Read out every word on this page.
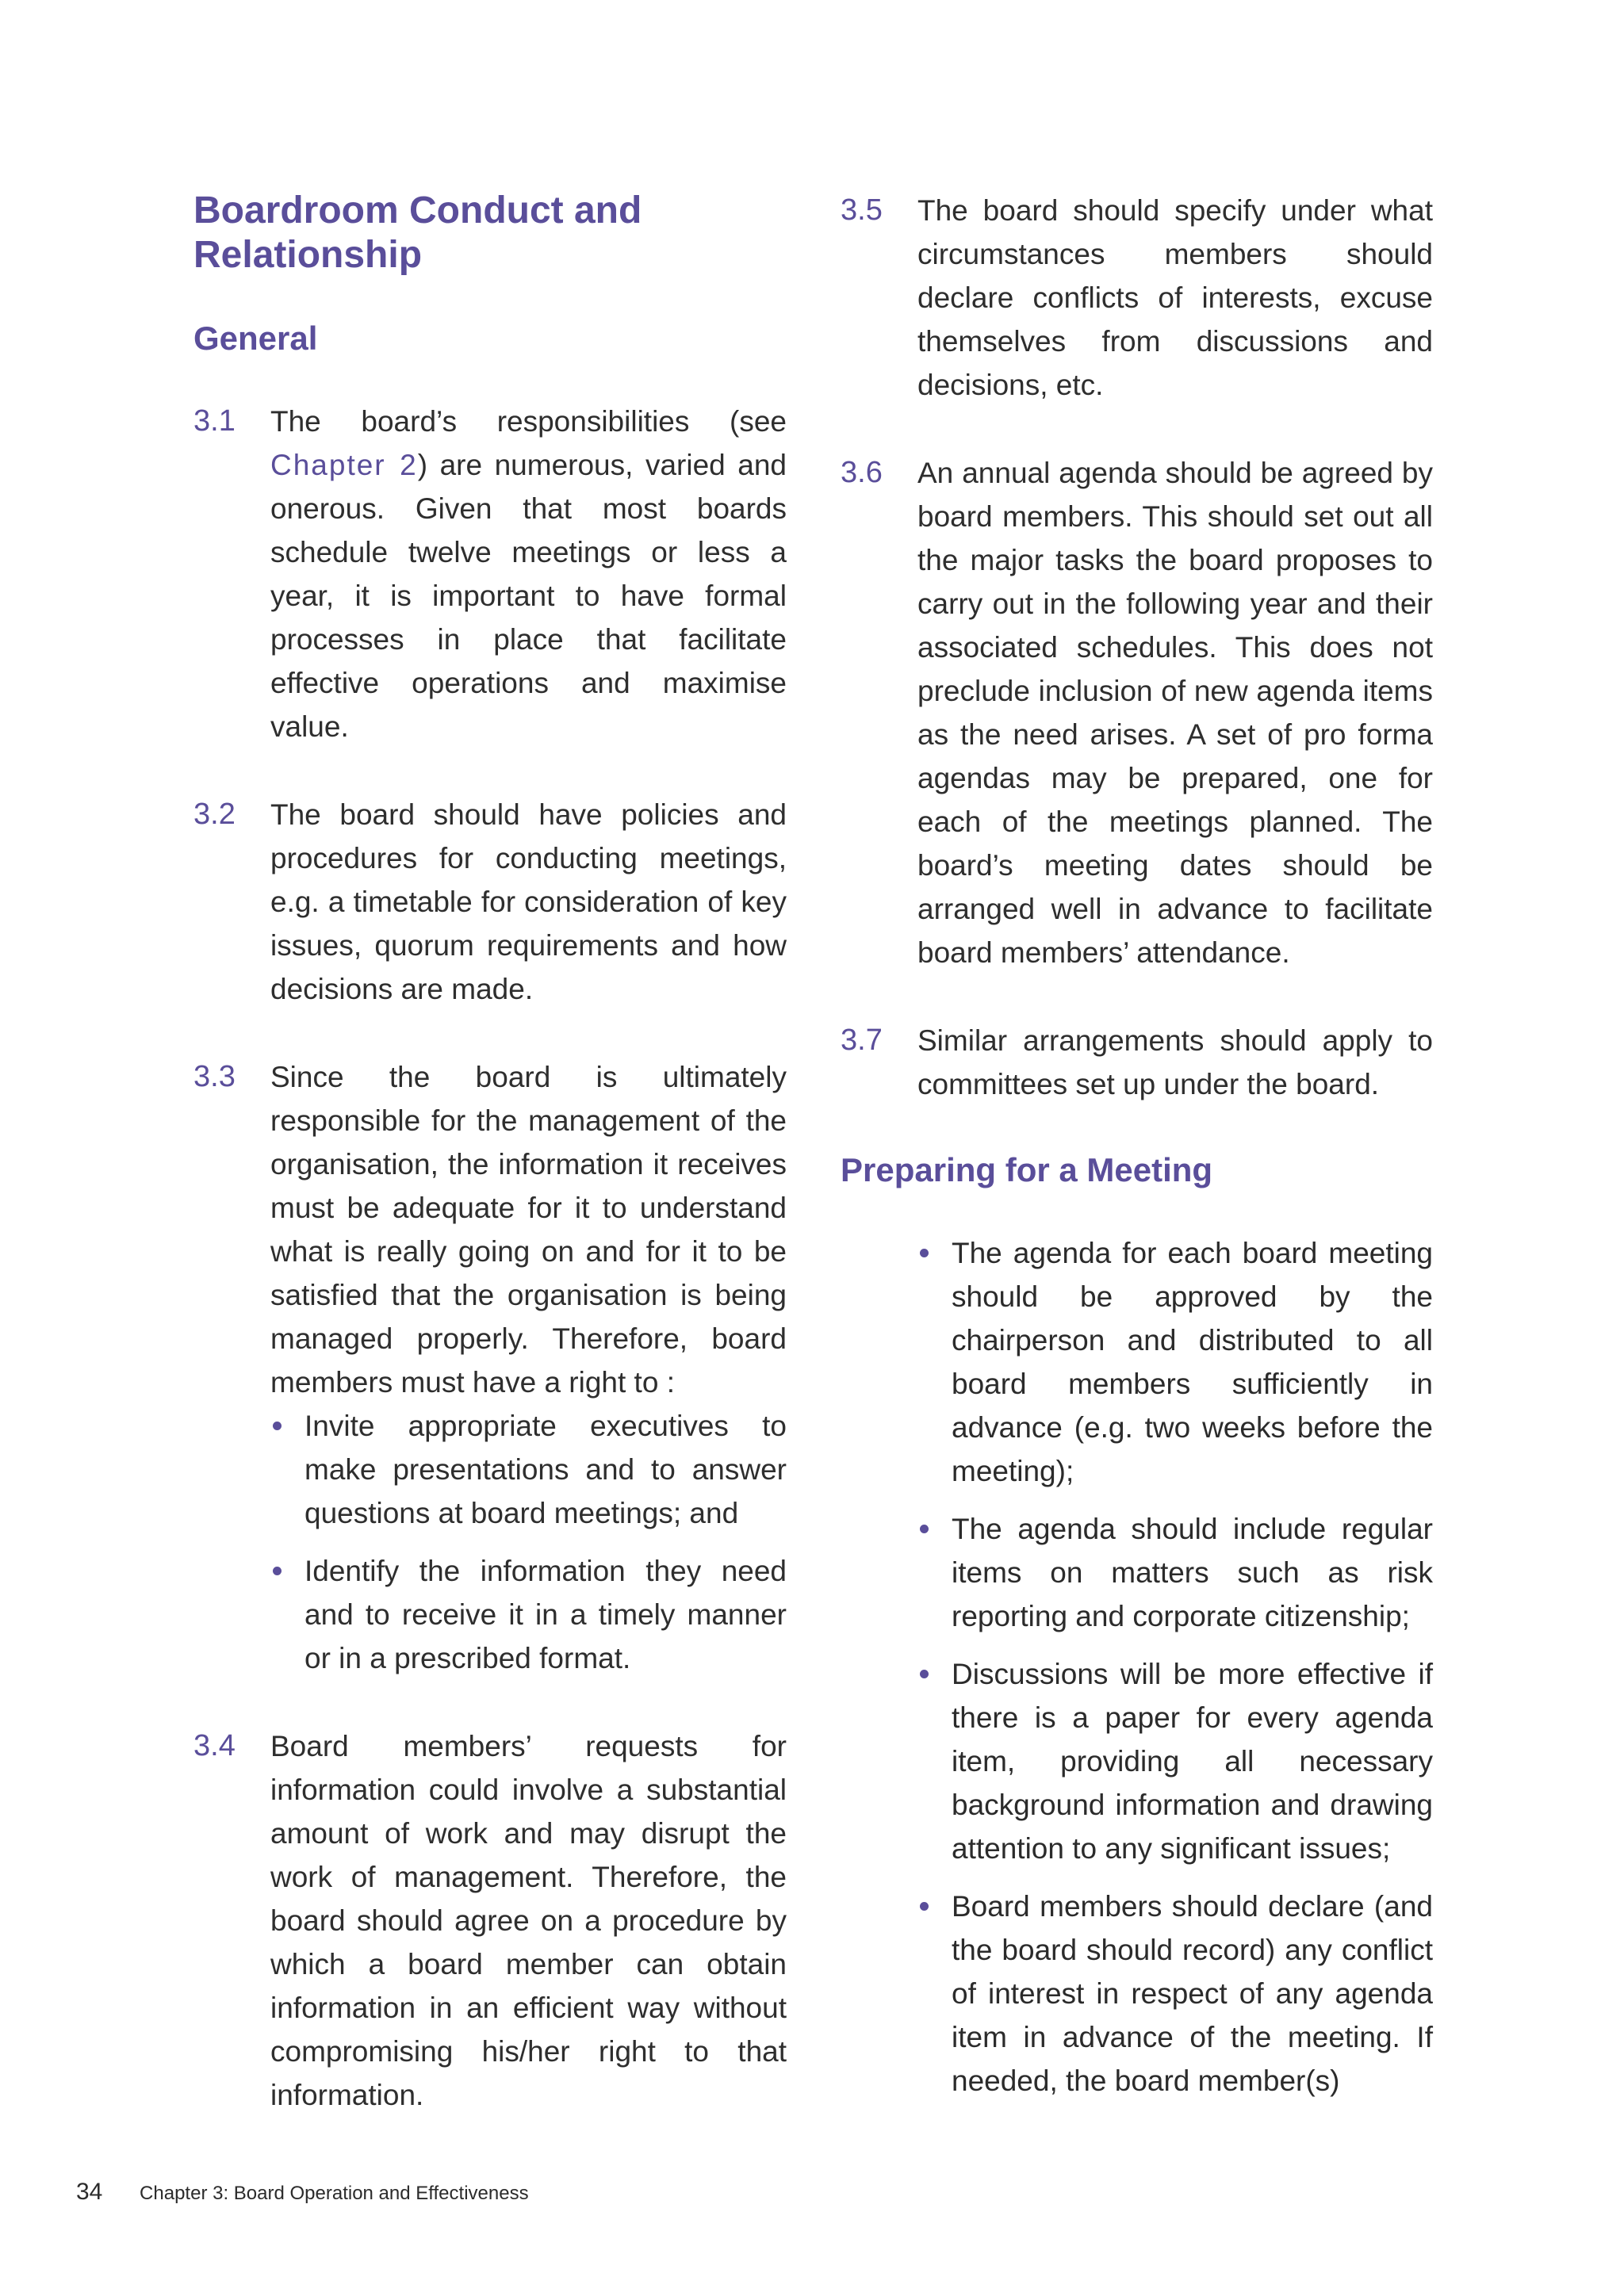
Boardroom Conduct and Relationship
General
3.1 The board’s responsibilities (see Chapter 2) are numerous, varied and onerous. Given that most boards schedule twelve meetings or less a year, it is important to have formal processes in place that facilitate effective operations and maximise value.
3.2 The board should have policies and procedures for conducting meetings, e.g. a timetable for consideration of key issues, quorum requirements and how decisions are made.
3.3 Since the board is ultimately responsible for the management of the organisation, the information it receives must be adequate for it to understand what is really going on and for it to be satisfied that the organisation is being managed properly. Therefore, board members must have a right to :
Invite appropriate executives to make presentations and to answer questions at board meetings; and
Identify the information they need and to receive it in a timely manner or in a prescribed format.
3.4 Board members’ requests for information could involve a substantial amount of work and may disrupt the work of management. Therefore, the board should agree on a procedure by which a board member can obtain information in an efficient way without compromising his/her right to that information.
3.5 The board should specify under what circumstances members should declare conflicts of interests, excuse themselves from discussions and decisions, etc.
3.6 An annual agenda should be agreed by board members. This should set out all the major tasks the board proposes to carry out in the following year and their associated schedules. This does not preclude inclusion of new agenda items as the need arises. A set of pro forma agendas may be prepared, one for each of the meetings planned. The board’s meeting dates should be arranged well in advance to facilitate board members’ attendance.
3.7 Similar arrangements should apply to committees set up under the board.
Preparing for a Meeting
The agenda for each board meeting should be approved by the chairperson and distributed to all board members sufficiently in advance (e.g. two weeks before the meeting);
The agenda should include regular items on matters such as risk reporting and corporate citizenship;
Discussions will be more effective if there is a paper for every agenda item, providing all necessary background information and drawing attention to any significant issues;
Board members should declare (and the board should record) any conflict of interest in respect of any agenda item in advance of the meeting. If needed, the board member(s)
34 Chapter 3: Board Operation and Effectiveness
